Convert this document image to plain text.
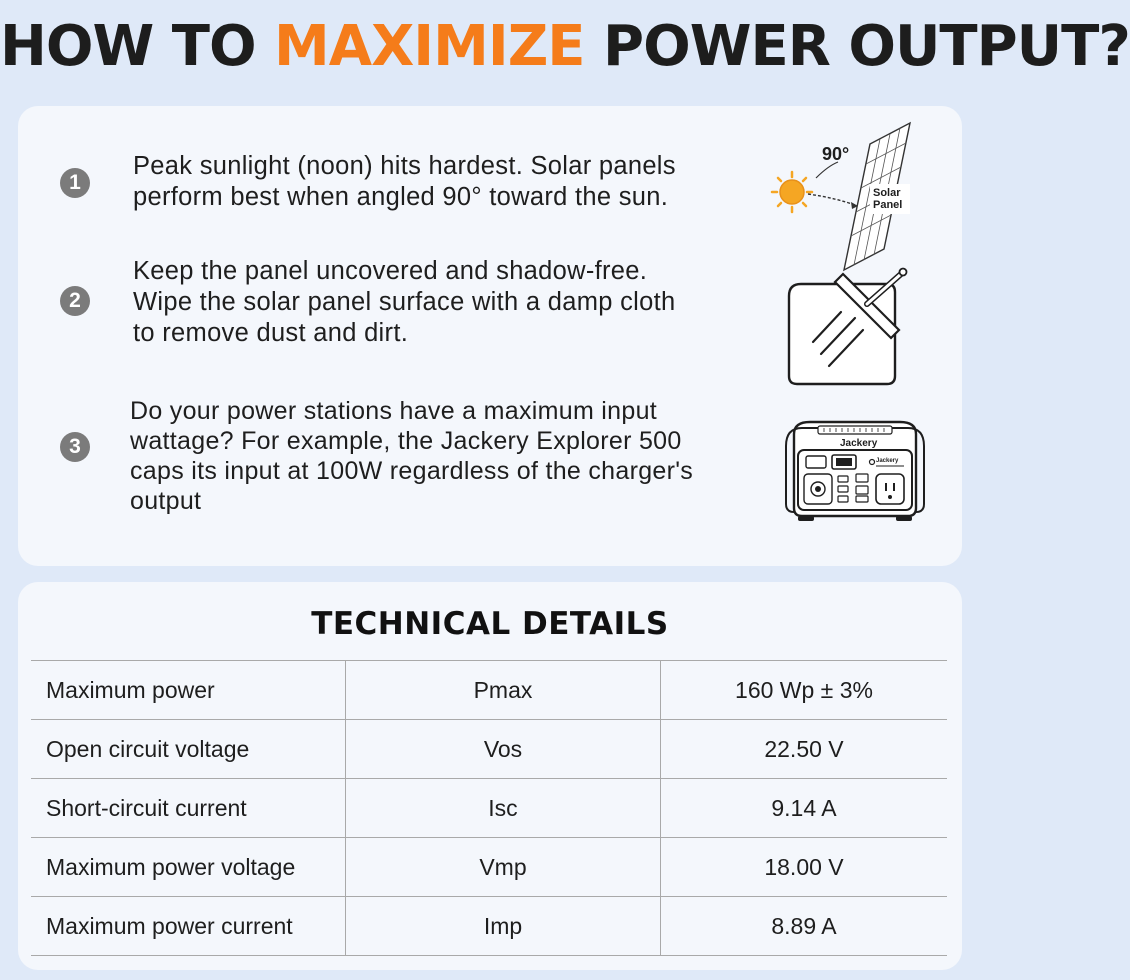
HOW TO MAXIMIZE POWER OUTPUT?
1
Peak sunlight (noon) hits hardest. Solar panels
perform best when angled 90° toward the sun.
90°
Solar
Panel
2
Keep the panel uncovered and shadow-free.
Wipe the solar panel surface with a damp cloth
to remove dust and dirt.
3
Do your power stations have a maximum input
wattage? For example, the Jackery Explorer 500
caps its input at 100W regardless of the charger's
output
Jackery
Jackery
TECHNICAL DETAILS
Maximum power	Pmax	160 Wp ± 3%
Open circuit voltage	Vos	22.50 V
Short-circuit current	Isc	9.14 A
Maximum power voltage	Vmp	18.00 V
Maximum power current	Imp	8.89 A
